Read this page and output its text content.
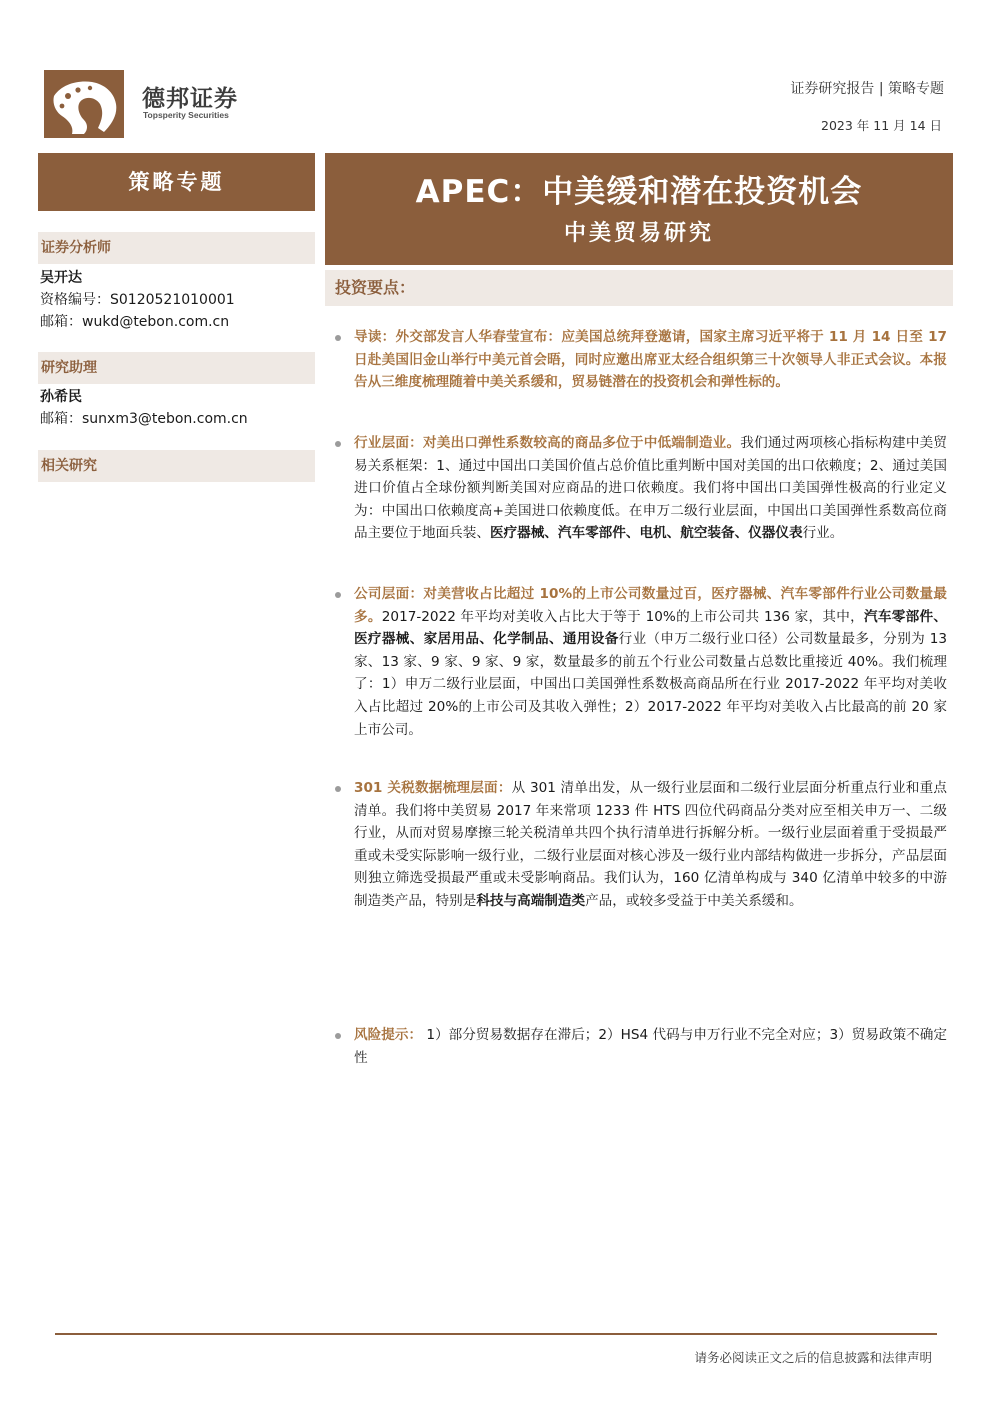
德邦证券
Topsperity Securities
证券研究报告 | 策略专题
2023 年 11 月 14 日
策略专题	APEC：中美缓和潜在投资机会
中美贸易研究
证券分析师
吴开达
资格编号：S0120521010001
邮箱：wukd@tebon.com.cn
研究助理
孙希民
邮箱：sunxm3@tebon.com.cn
相关研究
投资要点：
导读：外交部发言人华春莹宣布：应美国总统拜登邀请，国家主席习近平将于 11 月 14 日至 17 日赴美国旧金山举行中美元首会晤，同时应邀出席亚太经合组织第三十次领导人非正式会议。本报告从三维度梳理随着中美关系缓和，贸易链潜在的投资机会和弹性标的。
行业层面：对美出口弹性系数较高的商品多位于中低端制造业。我们通过两项核心指标构建中美贸易关系框架：1、通过中国出口美国价值占总价值比重判断中国对美国的出口依赖度；2、通过美国进口价值占全球份额判断美国对应商品的进口依赖度。我们将中国出口美国弹性极高的行业定义为：中国出口依赖度高+美国进口依赖度低。在申万二级行业层面，中国出口美国弹性系数高位商品主要位于地面兵装、医疗器械、汽车零部件、电机、航空装备、仪器仪表行业。
公司层面：对美营收占比超过 10%的上市公司数量过百，医疗器械、汽车零部件行业公司数量最多。2017-2022 年平均对美收入占比大于等于 10%的上市公司共 136 家，其中，汽车零部件、医疗器械、家居用品、化学制品、通用设备行业（申万二级行业口径）公司数量最多，分别为 13 家、13 家、9 家、9 家、9 家，数量最多的前五个行业公司数量占总数比重接近 40%。我们梳理了：1）申万二级行业层面，中国出口美国弹性系数极高商品所在行业 2017-2022 年平均对美收入占比超过 20%的上市公司及其收入弹性；2）2017-2022 年平均对美收入占比最高的前 20 家上市公司。
301 关税数据梳理层面：从 301 清单出发，从一级行业层面和二级行业层面分析重点行业和重点清单。我们将中美贸易 2017 年来常项 1233 件 HTS 四位代码商品分类对应至相关申万一、二级行业，从而对贸易摩擦三轮关税清单共四个执行清单进行拆解分析。一级行业层面着重于受损最严重或未受实际影响一级行业，二级行业层面对核心涉及一级行业内部结构做进一步拆分，产品层面则独立筛选受损最严重或未受影响商品。我们认为，160 亿清单构成与 340 亿清单中较多的中游制造类产品，特别是科技与高端制造类产品，或较多受益于中美关系缓和。
风险提示： 1）部分贸易数据存在滞后；2）HS4 代码与申万行业不完全对应；3）贸易政策不确定性
请务必阅读正文之后的信息披露和法律声明
